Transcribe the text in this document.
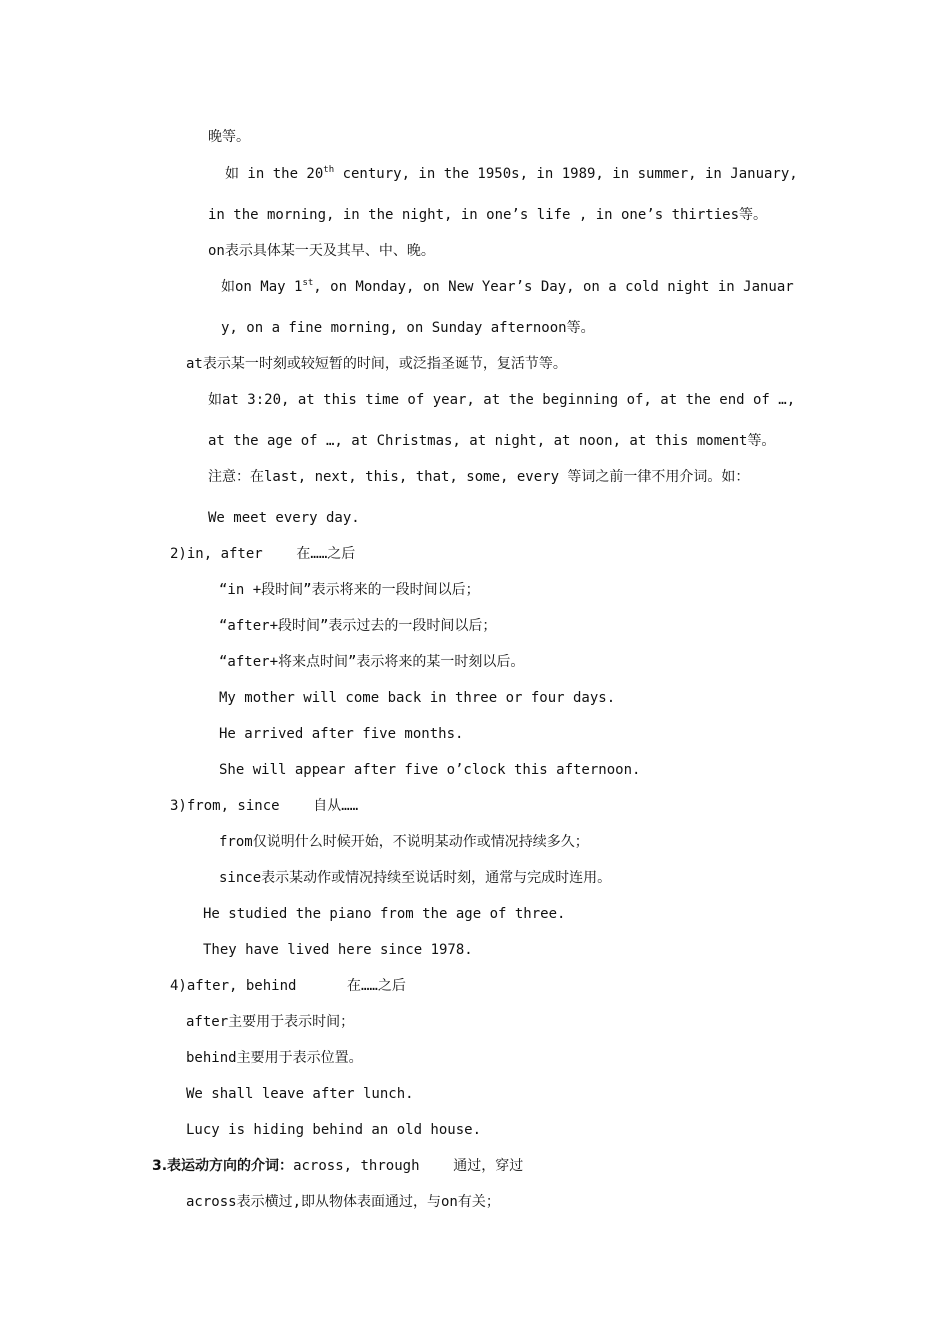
晚等。
如 in the 20th century, in the 1950s, in 1989, in summer, in January,
in the morning, in the night, in one’s life , in one’s thirties等。
on表示具体某一天及其早、中、晚。
如on May 1st, on Monday, on New Year’s Day, on a cold night in Januar
y, on a fine morning, on Sunday afternoon等。
at表示某一时刻或较短暂的时间，或泛指圣诞节，复活节等。
如at 3:20, at this time of year, at the beginning of, at the end of …,
at the age of …, at Christmas, at night, at noon, at this moment等。
注意：在last, next, this, that, some, every 等词之前一律不用介词。如：
We meet every day.
2)in, after    在……之后
“in +段时间”表示将来的一段时间以后；
“after+段时间”表示过去的一段时间以后；
“after+将来点时间”表示将来的某一时刻以后。
My mother will come back in three or four days.
He arrived after five months.
She will appear after five o’clock this afternoon.
3)from, since    自从……
from仅说明什么时候开始，不说明某动作或情况持续多久；
since表示某动作或情况持续至说话时刻，通常与完成时连用。
He studied the piano from the age of three.
They have lived here since 1978.
4)after, behind      在……之后
after主要用于表示时间；
behind主要用于表示位置。
We shall leave after lunch.
Lucy is hiding behind an old house.
3.表运动方向的介词：across, through    通过，穿过
across表示横过,即从物体表面通过，与on有关；
